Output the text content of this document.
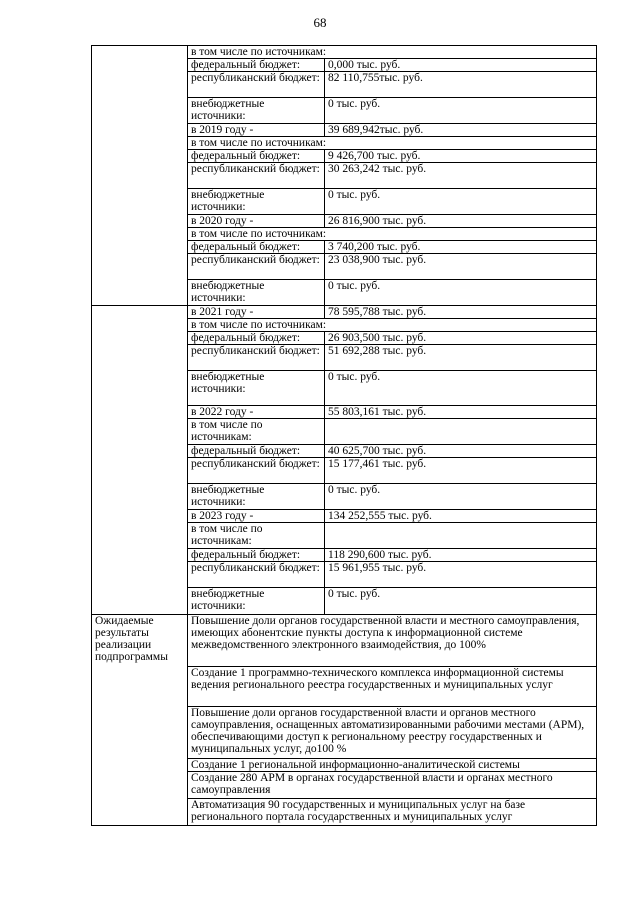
68
	в том числе по источникам:	
	федеральный бюджет:	0,000 тыс. руб.
	республиканский бюджет:	82 110,755тыс. руб.
	внебюджетные источники:	0 тыс. руб.
	в 2019 году -	39 689,942тыс. руб.
	в том числе по источникам:	
	федеральный бюджет:	9 426,700 тыс. руб.
	республиканский бюджет:	30 263,242 тыс. руб.
	внебюджетные источники:	0 тыс. руб.
	в 2020 году -	26 816,900 тыс. руб.
	в том числе по источникам:	
	федеральный бюджет:	3 740,200 тыс. руб.
	республиканский бюджет:	23 038,900 тыс. руб.
	внебюджетные источники:	0 тыс. руб.
	в 2021 году -	78 595,788 тыс. руб.
	в том числе по источникам:	
	федеральный бюджет:	26 903,500 тыс. руб.
	республиканский бюджет:	51 692,288 тыс. руб.
	внебюджетные источники:	0 тыс. руб.
	в 2022 году -	55 803,161 тыс. руб.
	в том числе по источникам:	
	федеральный бюджет:	40 625,700 тыс. руб.
	республиканский бюджет:	15 177,461 тыс. руб.
	внебюджетные источники:	0 тыс. руб.
	в 2023 году -	134 252,555 тыс. руб.
	в том числе по источникам:	
	федеральный бюджет:	118 290,600 тыс. руб.
	республиканский бюджет:	15 961,955 тыс. руб.
	внебюджетные источники:	0 тыс. руб.
Ожидаемые результаты реализации подпрограммы	Повышение доли органов государственной власти и местного самоуправления, имеющих абонентские пункты доступа к информационной системе межведомственного электронного взаимодействия, до 100%	
	Создание 1 программно-технического комплекса информационной системы ведения регионального реестра государственных и муниципальных услуг	
	Повышение доли органов государственной власти и органов местного самоуправления, оснащенных автоматизированными рабочими местами (АРМ), обеспечивающими доступ к региональному реестру государственных и муниципальных услуг, до100 %	
	Создание 1 региональной информационно-аналитической системы	
	Создание 280 АРМ в органах государственной власти и органах местного самоуправления	
	Автоматизация 90 государственных и муниципальных услуг на базе регионального портала государственных и муниципальных услуг	
